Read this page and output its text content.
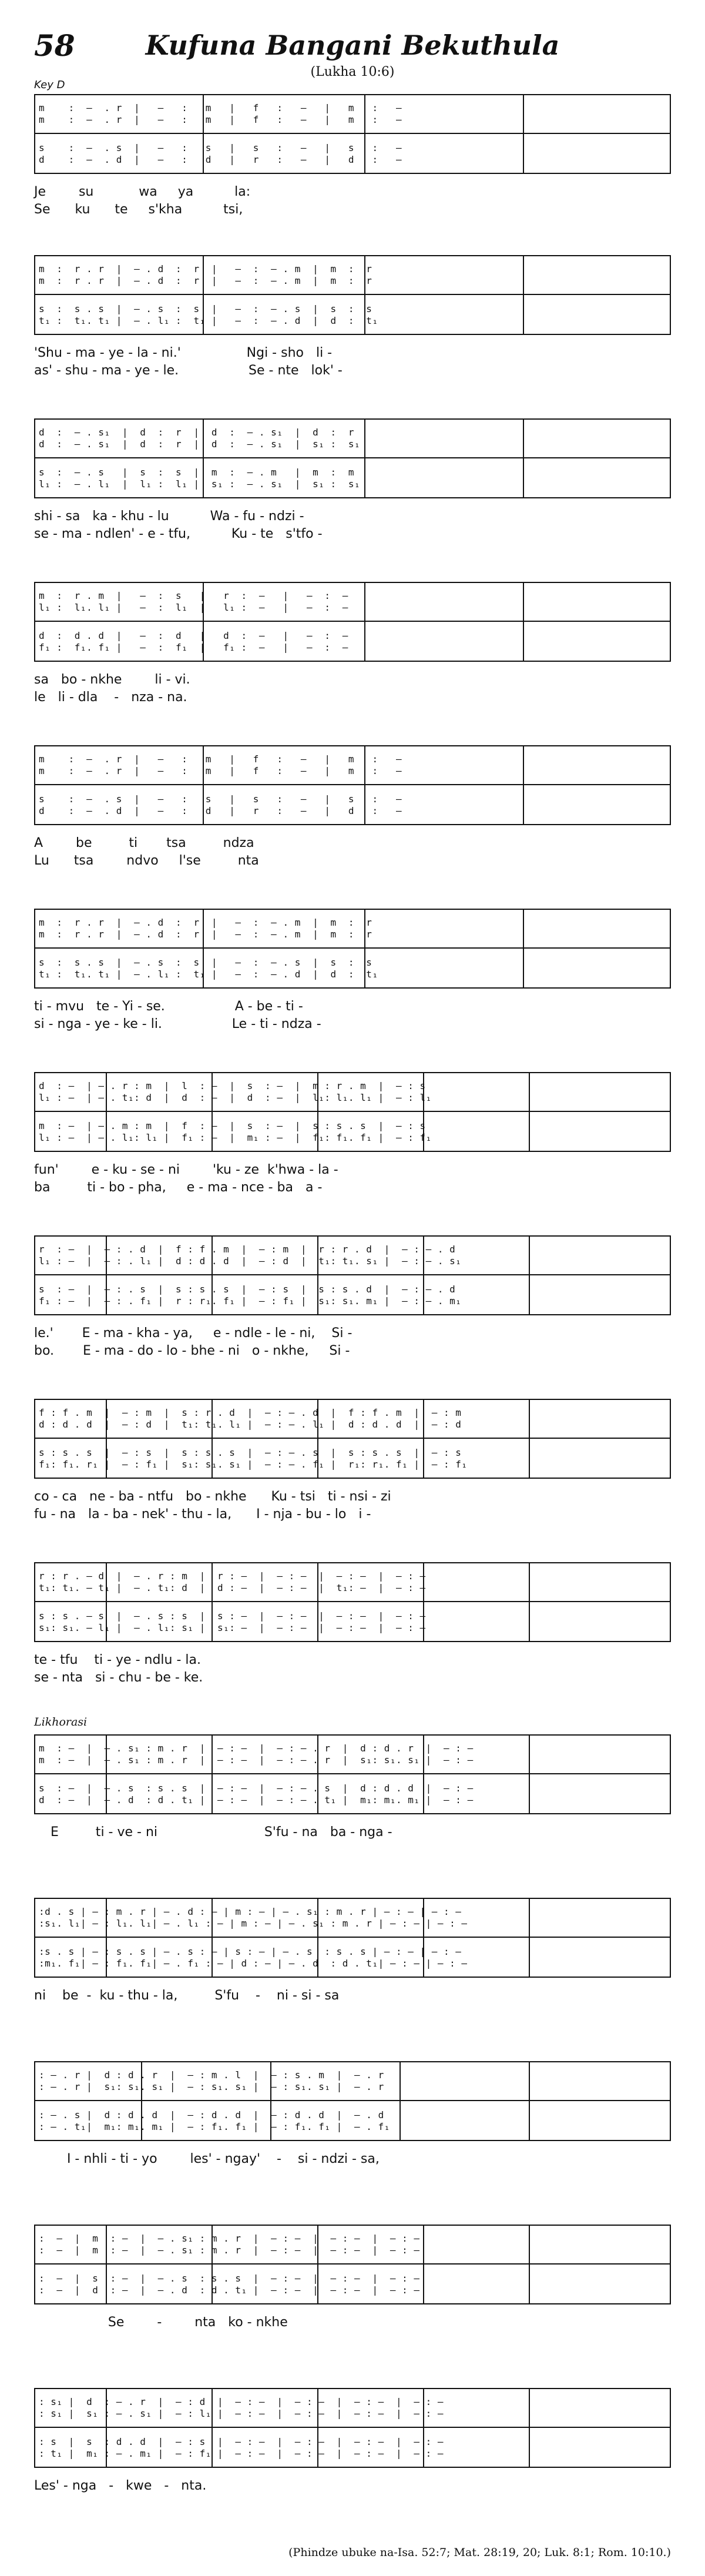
58	Kufuna Bangani Bekuthula
(Lukha 10:6)
Key D
m    :  –  . r  |   —   :   m   |   f   :   —   |   m   :   —
m    :  –  . r  |   —   :   m   |   f   :   —   |   m   :   —
s    :  –  . s  |   —   :   s   |   s   :   —   |   s   :   —
d    :  –  . d  |   —   :   d   |   r   :   —   |   d   :   —
Je        su           wa     ya          la:
Se      ku      te     s'kha          tsi,
m  :  r . r  |  – . d  :  r  |   —  :  – . m  |  m  :  r
m  :  r . r  |  – . d  :  r  |   —  :  – . m  |  m  :  r
s  :  s . s  |  – . s  :  s  |   —  :  – . s  |  s  :  s
t₁ :  t₁. t₁ |  – . l₁ :  t₁ |   —  :  – . d  |  d  :  t₁
'Shu - ma - ye - la - ni.'                Ngi - sho   li -
as' - shu - ma - ye - le.                 Se - nte   lok' -
d  :  – . s₁  |  d  :  r  |  d  :  – . s₁  |  d  :  r
d  :  – . s₁  |  d  :  r  |  d  :  – . s₁  |  s₁ :  s₁
s  :  – . s   |  s  :  s  |  m  :  – . m   |  m  :  m
l₁ :  – . l₁  |  l₁ :  l₁ |  s₁ :  – . s₁  |  s₁ :  s₁
shi - sa   ka - khu - lu          Wa - fu - ndzi -
se - ma - ndlen' - e - tfu,          Ku - te   s'tfo -
m  :  r . m  |   —  :  s   |   r  :  —   |   —  :  —
l₁ :  l₁. l₁ |   —  :  l₁  |   l₁ :  —   |   —  :  —
d  :  d . d  |   —  :  d   |   d  :  —   |   —  :  —
f₁ :  f₁. f₁ |   —  :  f₁  |   f₁ :  —   |   —  :  —
sa   bo - nkhe        li - vi.
le   li - dla    -   nza - na.
m    :  –  . r  |   —   :   m   |   f   :   —   |   m   :   —
m    :  –  . r  |   —   :   m   |   f   :   —   |   m   :   —
s    :  –  . s  |   —   :   s   |   s   :   —   |   s   :   —
d    :  –  . d  |   —   :   d   |   r   :   —   |   d   :   —
A        be         ti       tsa         ndza
Lu      tsa        ndvo     l'se         nta
m  :  r . r  |  – . d  :  r  |   —  :  – . m  |  m  :  r
m  :  r . r  |  – . d  :  r  |   —  :  – . m  |  m  :  r
s  :  s . s  |  – . s  :  s  |   —  :  – . s  |  s  :  s
t₁ :  t₁. t₁ |  – . l₁ :  t₁ |   —  :  – . d  |  d  :  t₁
ti - mvu   te - Yi - se.                 A - be - ti -
si - nga - ye - ke - li.                 Le - ti - ndza -
d  : —  | – . r : m  |  l  : —  |  s  : —  |  m : r . m  |  — : s
l₁ : —  | – . t₁: d  |  d  : —  |  d  : —  |  l₁: l₁. l₁ |  — : l₁
m  : —  | – . m : m  |  f  : —  |  s  : —  |  s : s . s  |  — : s
l₁ : —  | – . l₁: l₁ |  f₁ : —  |  m₁ : —  |  f₁: f₁. f₁ |  — : f₁
fun'        e - ku - se - ni        'ku - ze  k'hwa - la -
ba         ti - bo - pha,     e - ma - nce - ba   a -
r  : —  |  — : . d  |  f : f . m  |  — : m  |  r : r . d  |  — : – . d
l₁ : —  |  — : . l₁ |  d : d . d  |  — : d  |  t₁: t₁. s₁ |  — : – . s₁
s  : —  |  — : . s  |  s : s . s  |  — : s  |  s : s . d  |  — : – . d
f₁ : —  |  — : . f₁ |  r : r₁. f₁ |  — : f₁ |  s₁: s₁. m₁ |  — : – . m₁
le.'       E - ma - kha - ya,     e - ndle - le - ni,    Si -
bo.       E - ma - do - lo - bhe - ni   o - nkhe,     Si -
f : f . m  |  — : m  |  s : r . d  |  — : – . d  |  f : f . m  |  — : m
d : d . d  |  — : d  |  t₁: t₁. l₁ |  — : – . l₁ |  d : d . d  |  — : d
s : s . s  |  — : s  |  s : s . s  |  — : – . s  |  s : s . s  |  — : s
f₁: f₁. r₁ |  — : f₁ |  s₁: s₁. s₁ |  — : – . f₁ |  r₁: r₁. f₁ |  — : f₁
co - ca   ne - ba - ntfu   bo - nkhe      Ku - tsi   ti - nsi - zi
fu - na   la - ba - nek' - thu - la,      I - nja - bu - lo   i -
r : r . – d  |  – . r : m  |  r : —  |  — : —  |  — : —  |  — : —
t₁: t₁. – t₁ |  – . t₁: d  |  d : —  |  — : —  |  t₁: —  |  — : —
s : s . – s  |  – . s : s  |  s : —  |  — : —  |  — : —  |  — : —
s₁: s₁. – l₁ |  – . l₁: s₁ |  s₁: —  |  — : —  |  — : —  |  — : —
te - tfu    ti - ye - ndlu - la.
se - nta   si - chu - be - ke.
m  : —  |  – . s₁ : m . r  |  — : —  |  — : – . r  |  d : d . r  |  — : —
m  : —  |  – . s₁ : m . r  |  — : —  |  — : – . r  |  s₁: s₁. s₁ |  — : —
s  : —  |  – . s  : s . s  |  — : —  |  — : – . s  |  d : d . d  |  — : —
d  : —  |  – . d  : d . t₁ |  — : —  |  — : – . t₁ |  m₁: m₁. m₁ |  — : —
E         ti - ve - ni                          S'fu - na   ba - nga -
Likhorasi
:d . s | — : m . r | – . d : — | m : — | – . s₁ : m . r | — : — | — : —
:s₁. l₁| — : l₁. l₁| – . l₁ : — | m : — | – . s₁ : m . r | — : — | — : —
:s . s | — : s . s | – . s : — | s : — | – . s  : s . s | — : — | — : —
:m₁. f₁| — : f₁. f₁| – . f₁ : — | d : — | – . d  : d . t₁| — : — | — : —
ni    be  -  ku - thu - la,         S'fu    -    ni - si - sa
: – . r |  d : d . r  |  — : m . l  |  — : s . m  |  – . r
: – . r |  s₁: s₁. s₁ |  — : s₁. s₁ |  — : s₁. s₁ |  – . r
: – . s |  d : d . d  |  — : d . d  |  — : d . d  |  – . d
: – . t₁|  m₁: m₁. m₁ |  — : f₁. f₁ |  — : f₁. f₁ |  – . f₁
I - nhli - ti - yo        les' - ngay'    -    si - ndzi - sa,
:  —  |  m  : —  |  – . s₁ : m . r  |  — : —  |  — : —  |  — : —
:  —  |  m  : —  |  – . s₁ : m . r  |  — : —  |  — : —  |  — : —
:  —  |  s  : —  |  – . s  : s . s  |  — : —  |  — : —  |  — : —
:  —  |  d  : —  |  – . d  : d . t₁ |  — : —  |  — : —  |  — : —
Se        -        nta   ko - nkhe
: s₁ |  d  : – . r  |  — : d  |  — : —  |  — : —  |  — : —  |  — : —
: s₁ |  s₁ : – . s₁ |  — : l₁ |  — : —  |  — : —  |  — : —  |  — : —
: s  |  s  : d . d  |  — : s  |  — : —  |  — : —  |  — : —  |  — : —
: t₁ |  m₁ : – . m₁ |  — : f₁ |  — : —  |  — : —  |  — : —  |  — : —
Les' - nga   -   kwe   -   nta.
(Phindze ubuke na-Isa. 52:7; Mat. 28:19, 20; Luk. 8:1; Rom. 10:10.)
